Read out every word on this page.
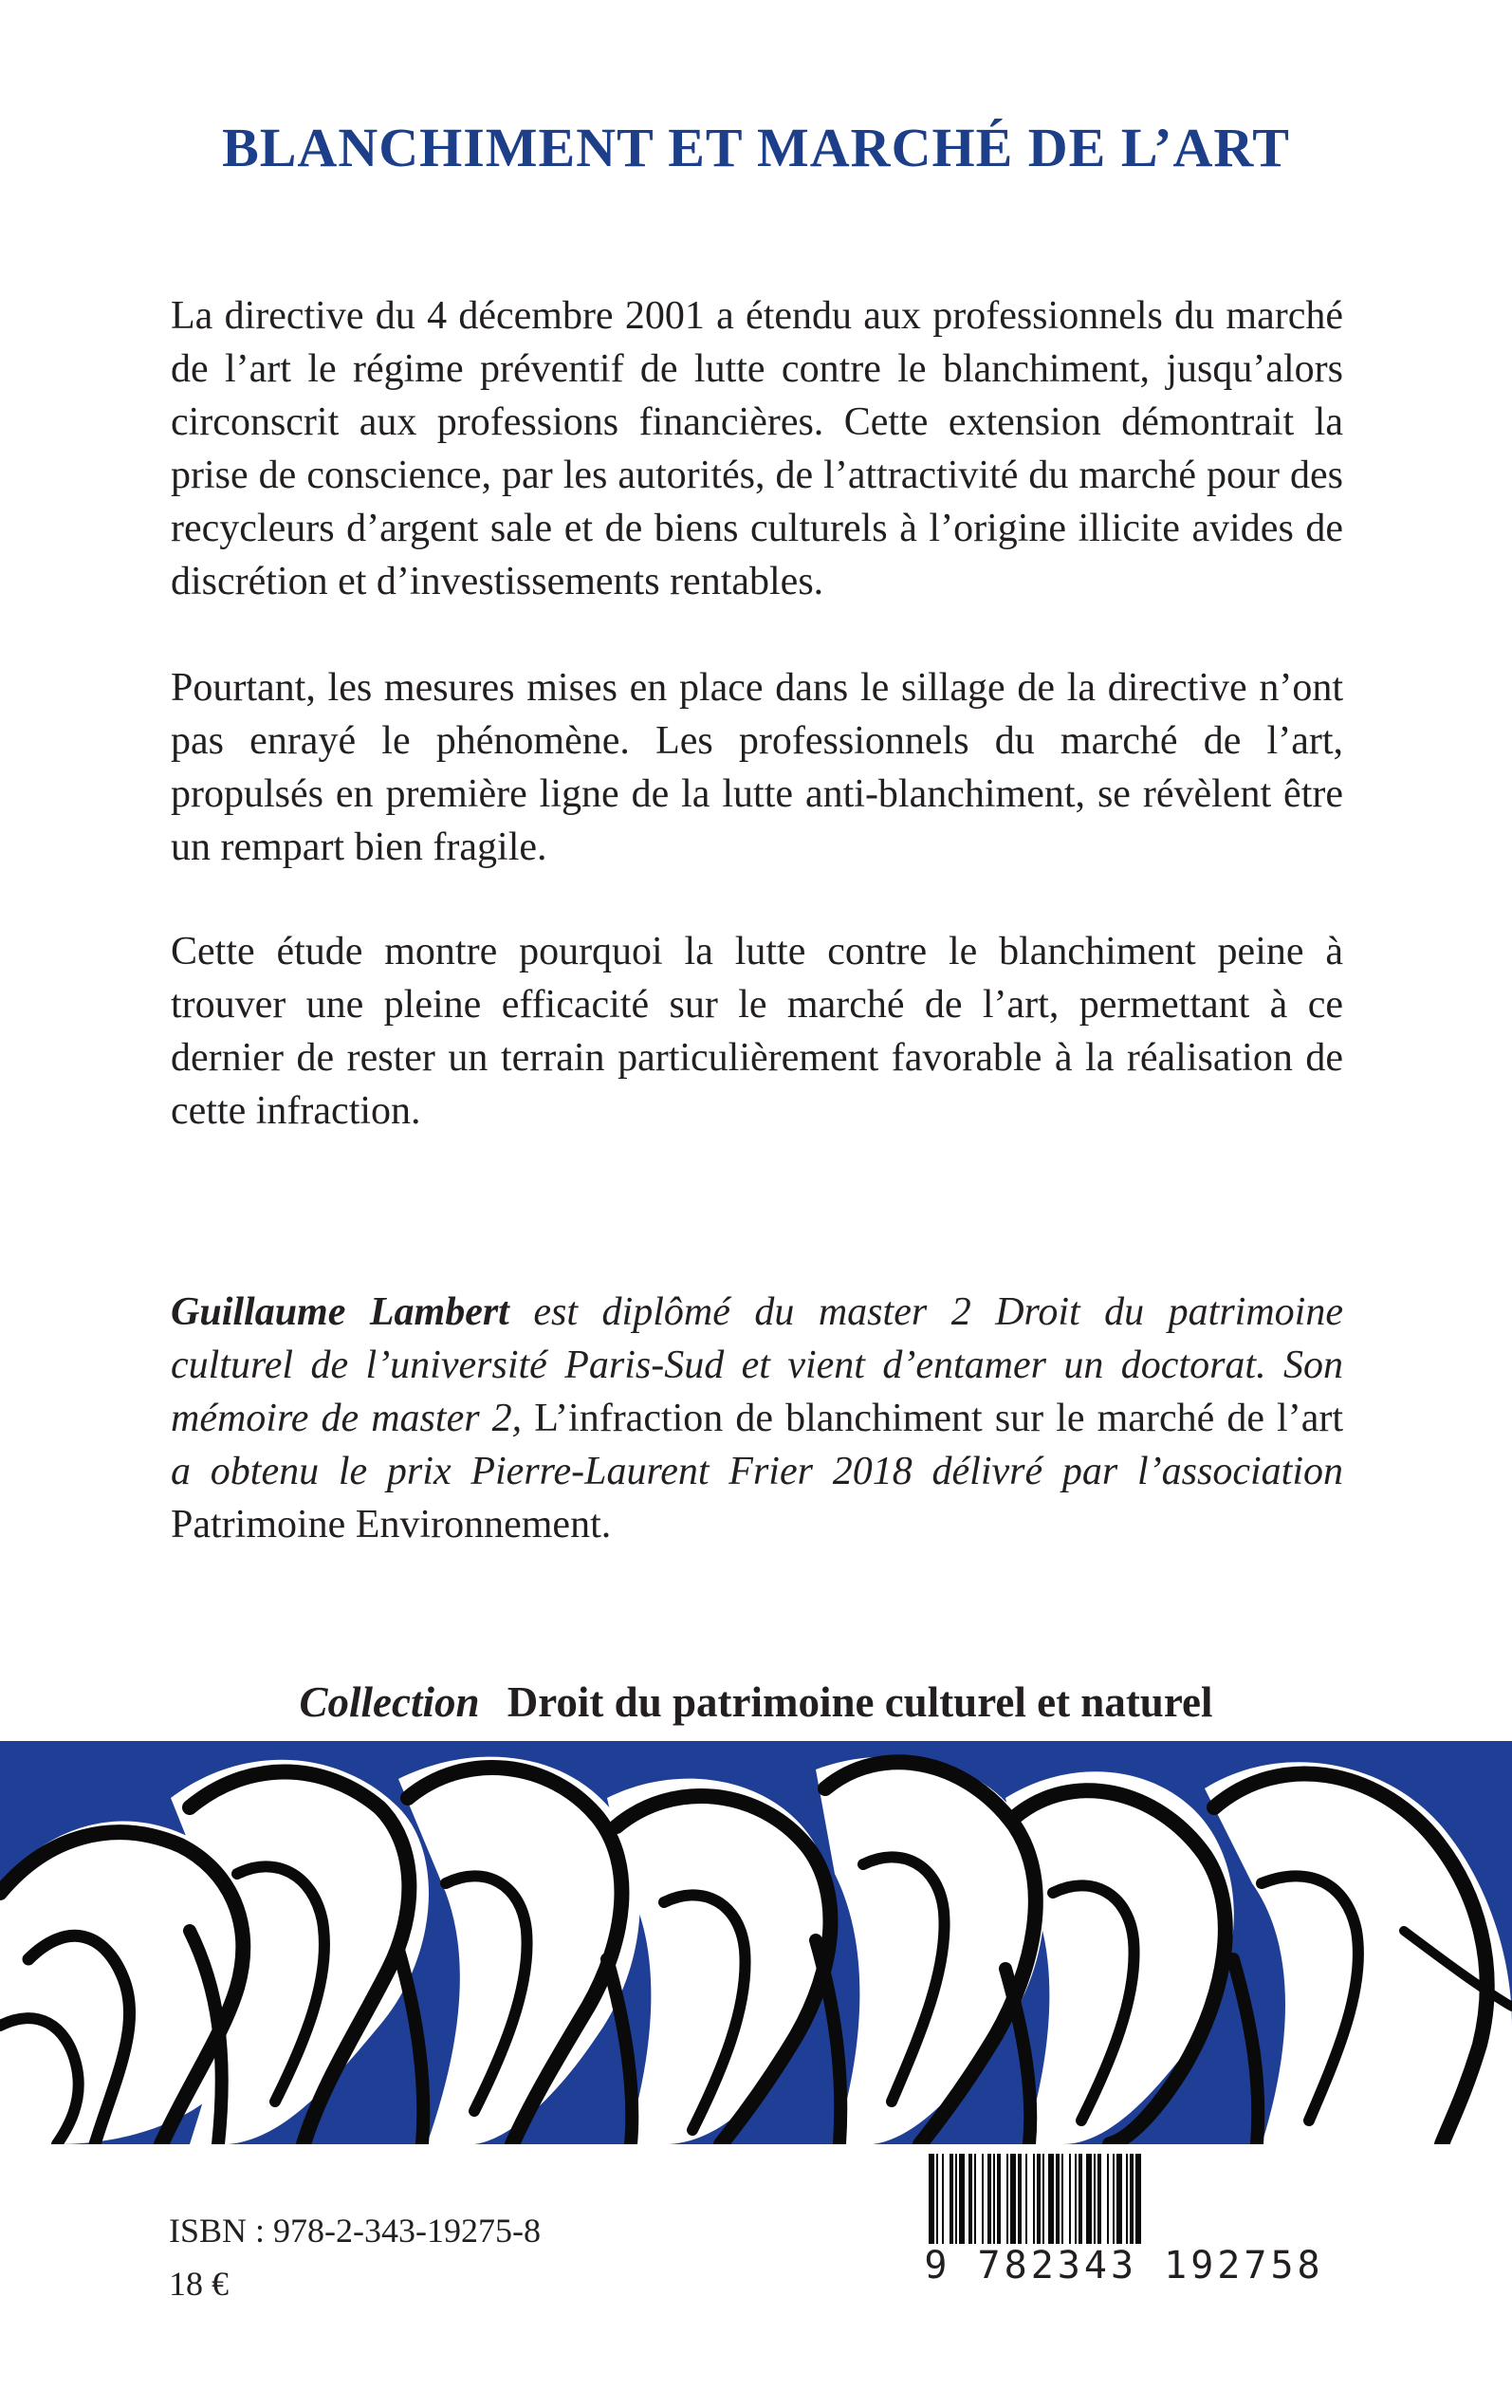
BLANCHIMENT ET MARCHÉ DE L’ART

La directive du 4 décembre 2001 a étendu aux professionnels du marché de l’art le régime préventif de lutte contre le blanchiment, jusqu’alors circonscrit aux professions financières. Cette extension démontrait la prise de conscience, par les autorités, de l’attractivité du marché pour des recycleurs d’argent sale et de biens culturels à l’origine illicite avides de discrétion et d’investissements rentables.

Pourtant, les mesures mises en place dans le sillage de la directive n’ont pas enrayé le phénomène. Les professionnels du marché de l’art, propulsés en première ligne de la lutte anti-blanchiment, se révèlent être un rempart bien fragile.

Cette étude montre pourquoi la lutte contre le blanchiment peine à trouver une pleine efficacité sur le marché de l’art, permettant à ce dernier de rester un terrain particulièrement favorable à la réalisation de cette infraction.

Guillaume Lambert est diplômé du master 2 Droit du patrimoine culturel de l’université Paris-Sud et vient d’entamer un doctorat. Son mémoire de master 2, L’infraction de blanchiment sur le marché de l’art a obtenu le prix Pierre-Laurent Frier 2018 délivré par l’association Patrimoine Environnement.

Collection Droit du patrimoine culturel et naturel
9 782343 192758
ISBN : 978-2-343-19275-8
18 €
